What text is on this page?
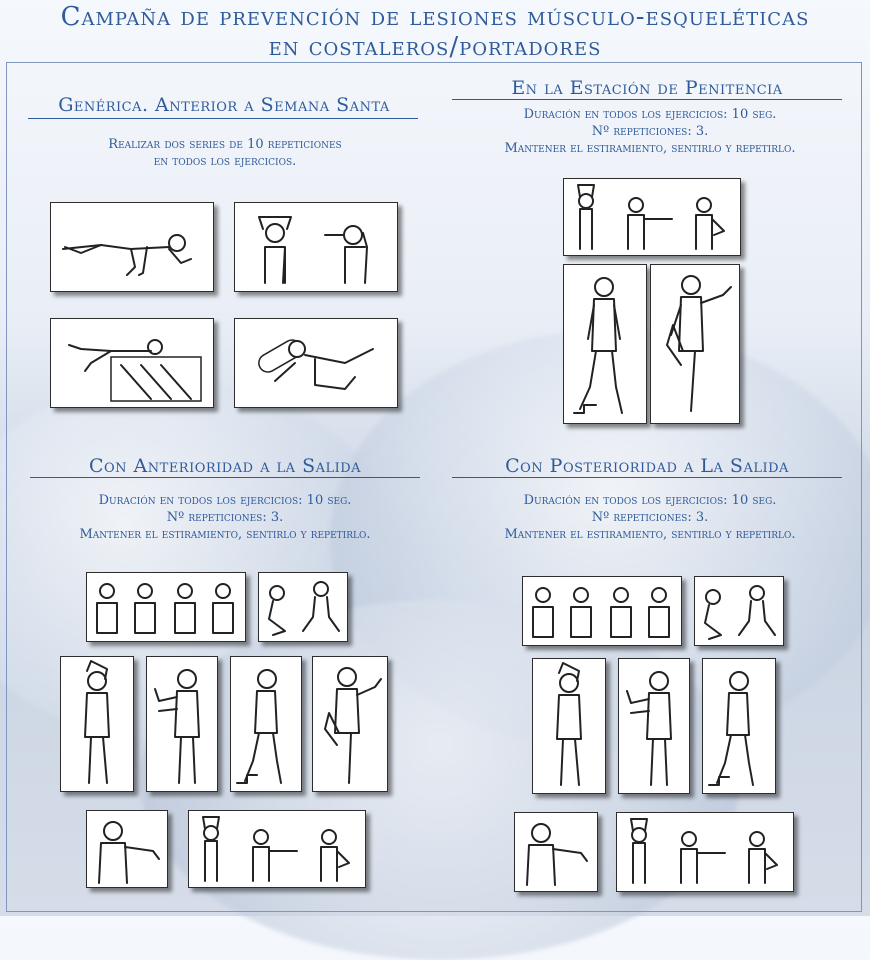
Campaña de prevención de lesiones músculo-esqueléticas
en costaleros/portadores
Genérica. Anterior a Semana Santa
Realizar dos series de 10 repeticiones
en todos los ejercicios.
En la Estación de Penitencia
Duración en todos los ejercicios: 10 seg.
Nº repeticiones: 3.
Mantener el estiramiento, sentirlo y repetirlo.
Con Anterioridad a la Salida
Duración en todos los ejercicios: 10 seg.
Nº repeticiones: 3.
Mantener el estiramiento, sentirlo y repetirlo.
Con Posterioridad a La Salida
Duración en todos los ejercicios: 10 seg.
Nº repeticiones: 3.
Mantener el estiramiento, sentirlo y repetirlo.
